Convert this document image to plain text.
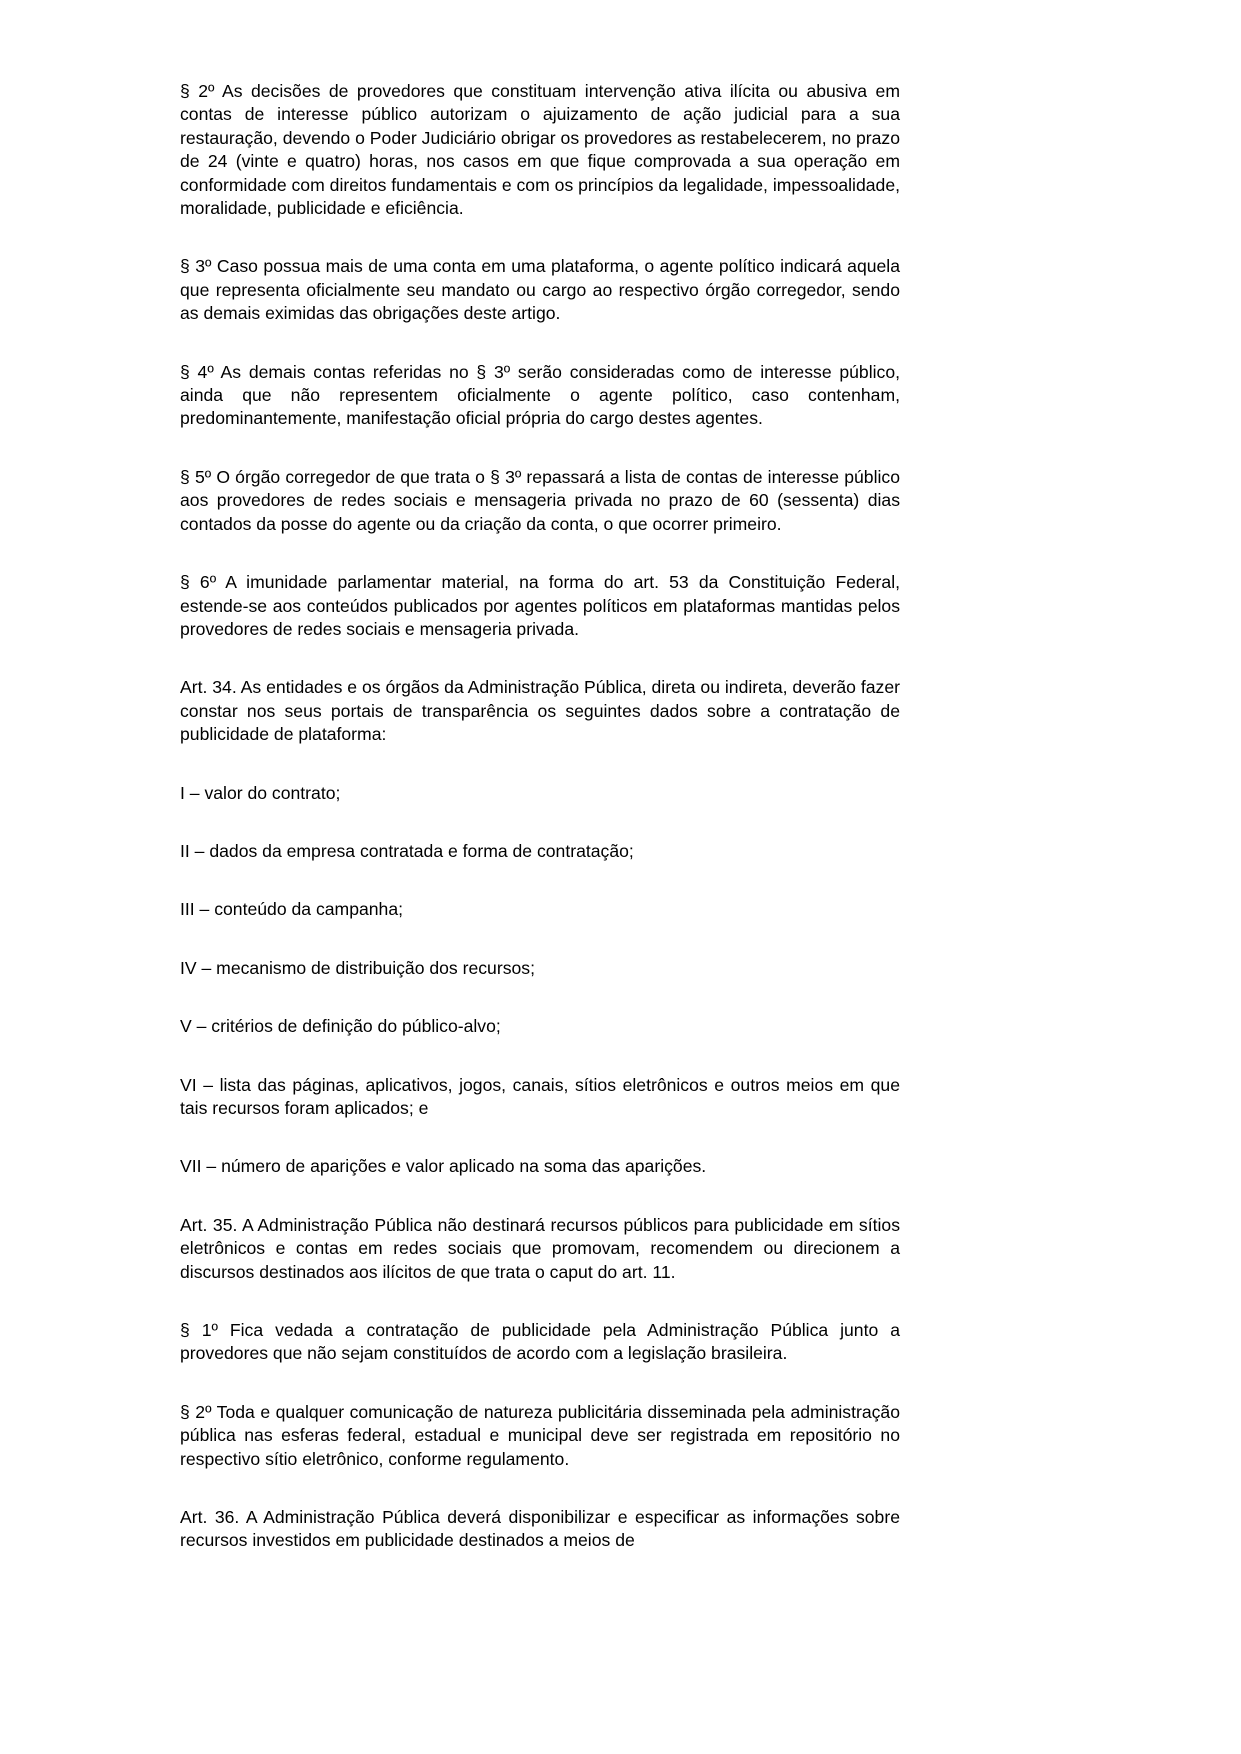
§ 2º As decisões de provedores que constituam intervenção ativa ilícita ou abusiva em contas de interesse público autorizam o ajuizamento de ação judicial para a sua restauração, devendo o Poder Judiciário obrigar os provedores as restabelecerem, no prazo de 24 (vinte e quatro) horas, nos casos em que fique comprovada a sua operação em conformidade com direitos fundamentais e com os princípios da legalidade, impessoalidade, moralidade, publicidade e eficiência.

§ 3º Caso possua mais de uma conta em uma plataforma, o agente político indicará aquela que representa oficialmente seu mandato ou cargo ao respectivo órgão corregedor, sendo as demais eximidas das obrigações deste artigo.

§ 4º As demais contas referidas no § 3º serão consideradas como de interesse público, ainda que não representem oficialmente o agente político, caso contenham, predominantemente, manifestação oficial própria do cargo destes agentes.

§ 5º O órgão corregedor de que trata o § 3º repassará a lista de contas de interesse público aos provedores de redes sociais e mensageria privada no prazo de 60 (sessenta) dias contados da posse do agente ou da criação da conta, o que ocorrer primeiro.

§ 6º A imunidade parlamentar material, na forma do art. 53 da Constituição Federal, estende-se aos conteúdos publicados por agentes políticos em plataformas mantidas pelos provedores de redes sociais e mensageria privada.

Art. 34. As entidades e os órgãos da Administração Pública, direta ou indireta, deverão fazer constar nos seus portais de transparência os seguintes dados sobre a contratação de publicidade de plataforma:

I – valor do contrato;

II – dados da empresa contratada e forma de contratação;

III – conteúdo da campanha;

IV – mecanismo de distribuição dos recursos;

V – critérios de definição do público-alvo;

VI – lista das páginas, aplicativos, jogos, canais, sítios eletrônicos e outros meios em que tais recursos foram aplicados; e

VII – número de aparições e valor aplicado na soma das aparições.

Art. 35. A Administração Pública não destinará recursos públicos para publicidade em sítios eletrônicos e contas em redes sociais que promovam, recomendem ou direcionem a discursos destinados aos ilícitos de que trata o caput do art. 11.

§ 1º Fica vedada a contratação de publicidade pela Administração Pública junto a provedores que não sejam constituídos de acordo com a legislação brasileira.

§ 2º Toda e qualquer comunicação de natureza publicitária disseminada pela administração pública nas esferas federal, estadual e municipal deve ser registrada em repositório no respectivo sítio eletrônico, conforme regulamento.

Art. 36. A Administração Pública deverá disponibilizar e especificar as informações sobre recursos investidos em publicidade destinados a meios de
